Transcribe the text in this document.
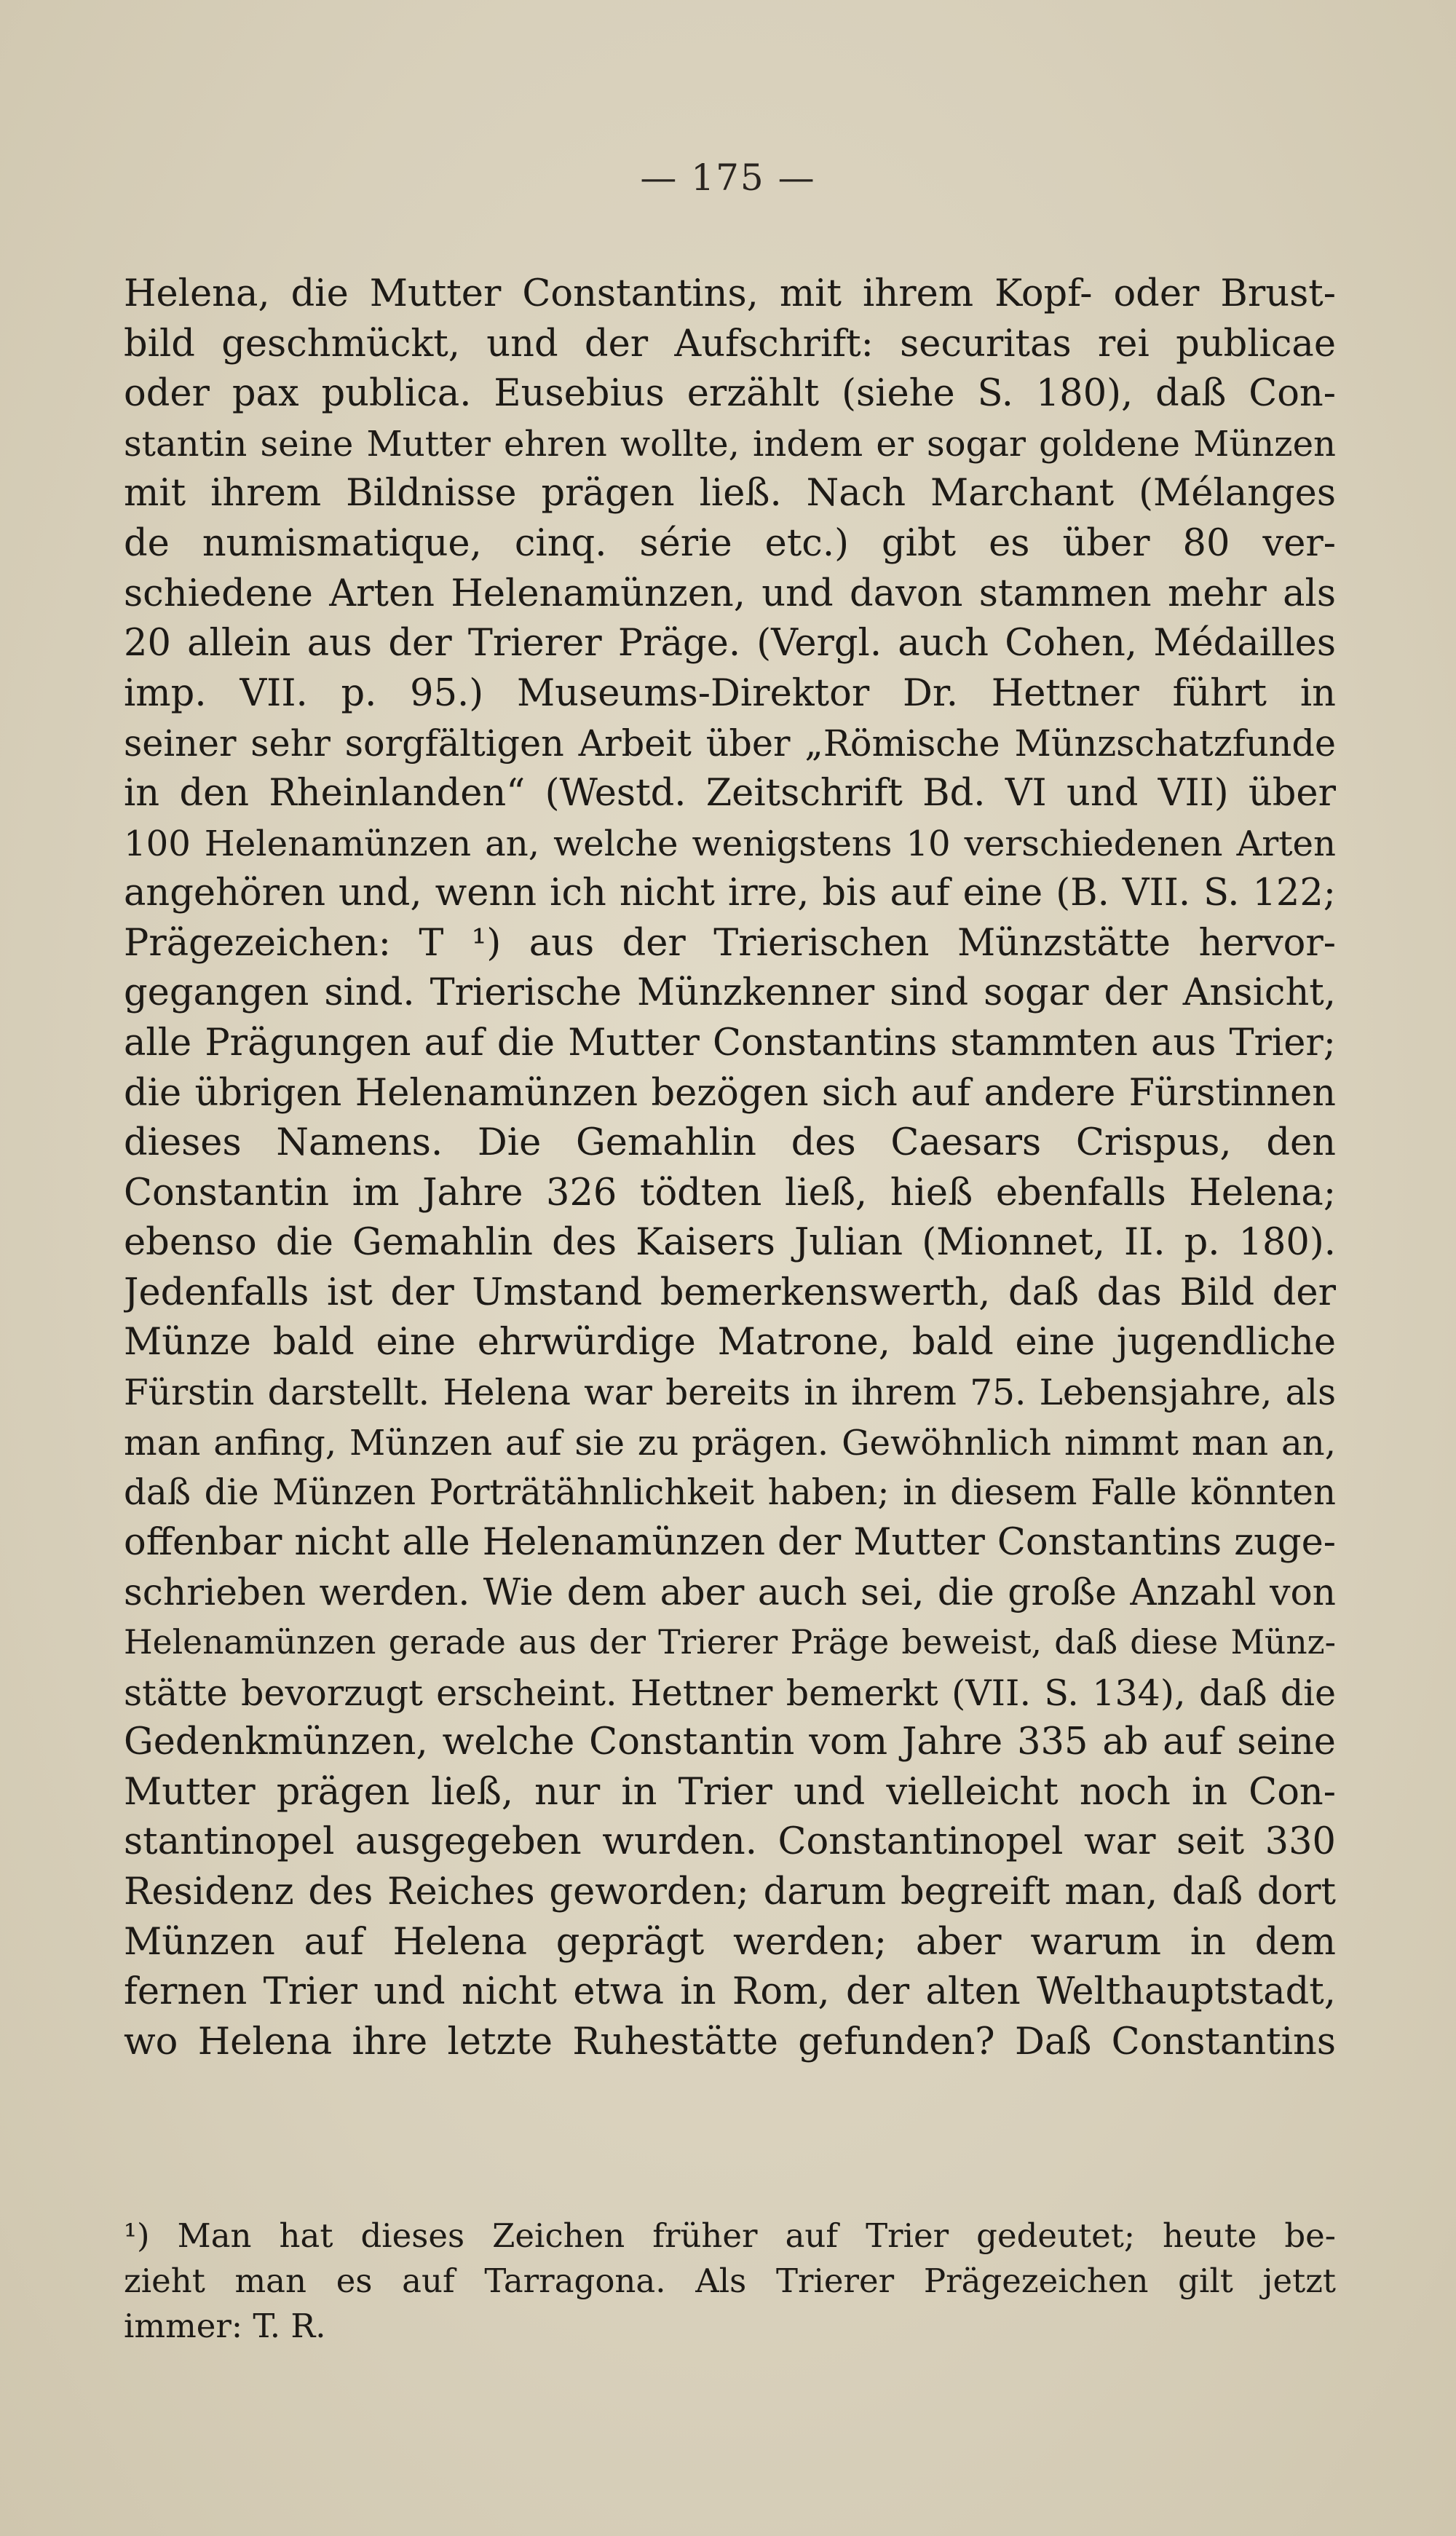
— 175 —
Helena, die Mutter Constantins, mit ihrem Kopf- oder Brust-
bild geschmückt, und der Aufschrift: securitas rei publicae
oder pax publica. Eusebius erzählt (siehe S. 180), daß Con-
stantin seine Mutter ehren wollte, indem er sogar goldene Münzen
mit ihrem Bildnisse prägen ließ. Nach Marchant (Mélanges
de numismatique, cinq. série etc.) gibt es über 80 ver-
schiedene Arten Helenamünzen, und davon stammen mehr als
20 allein aus der Trierer Präge. (Vergl. auch Cohen, Médailles
imp. VII. p. 95.) Museums-Direktor Dr. Hettner führt in
seiner sehr sorgfältigen Arbeit über „Römische Münzschatzfunde
in den Rheinlanden“ (Westd. Zeitschrift Bd. VI und VII) über
100 Helenamünzen an, welche wenigstens 10 verschiedenen Arten
angehören und, wenn ich nicht irre, bis auf eine (B. VII. S. 122;
Prägezeichen: T ¹) aus der Trierischen Münzstätte hervor-
gegangen sind. Trierische Münzkenner sind sogar der Ansicht,
alle Prägungen auf die Mutter Constantins stammten aus Trier;
die übrigen Helenamünzen bezögen sich auf andere Fürstinnen
dieses Namens. Die Gemahlin des Caesars Crispus, den
Constantin im Jahre 326 tödten ließ, hieß ebenfalls Helena;
ebenso die Gemahlin des Kaisers Julian (Mionnet, II. p. 180).
Jedenfalls ist der Umstand bemerkenswerth, daß das Bild der
Münze bald eine ehrwürdige Matrone, bald eine jugendliche
Fürstin darstellt. Helena war bereits in ihrem 75. Lebensjahre, als
man anfing, Münzen auf sie zu prägen. Gewöhnlich nimmt man an,
daß die Münzen Porträtähnlichkeit haben; in diesem Falle könnten
offenbar nicht alle Helenamünzen der Mutter Constantins zuge-
schrieben werden. Wie dem aber auch sei, die große Anzahl von
Helenamünzen gerade aus der Trierer Präge beweist, daß diese Münz-
stätte bevorzugt erscheint. Hettner bemerkt (VII. S. 134), daß die
Gedenkmünzen, welche Constantin vom Jahre 335 ab auf seine
Mutter prägen ließ, nur in Trier und vielleicht noch in Con-
stantinopel ausgegeben wurden. Constantinopel war seit 330
Residenz des Reiches geworden; darum begreift man, daß dort
Münzen auf Helena geprägt werden; aber warum in dem
fernen Trier und nicht etwa in Rom, der alten Welthauptstadt,
wo Helena ihre letzte Ruhestätte gefunden? Daß Constantins
¹) Man hat dieses Zeichen früher auf Trier gedeutet; heute be-
zieht man es auf Tarragona. Als Trierer Prägezeichen gilt jetzt
immer: T. R.
